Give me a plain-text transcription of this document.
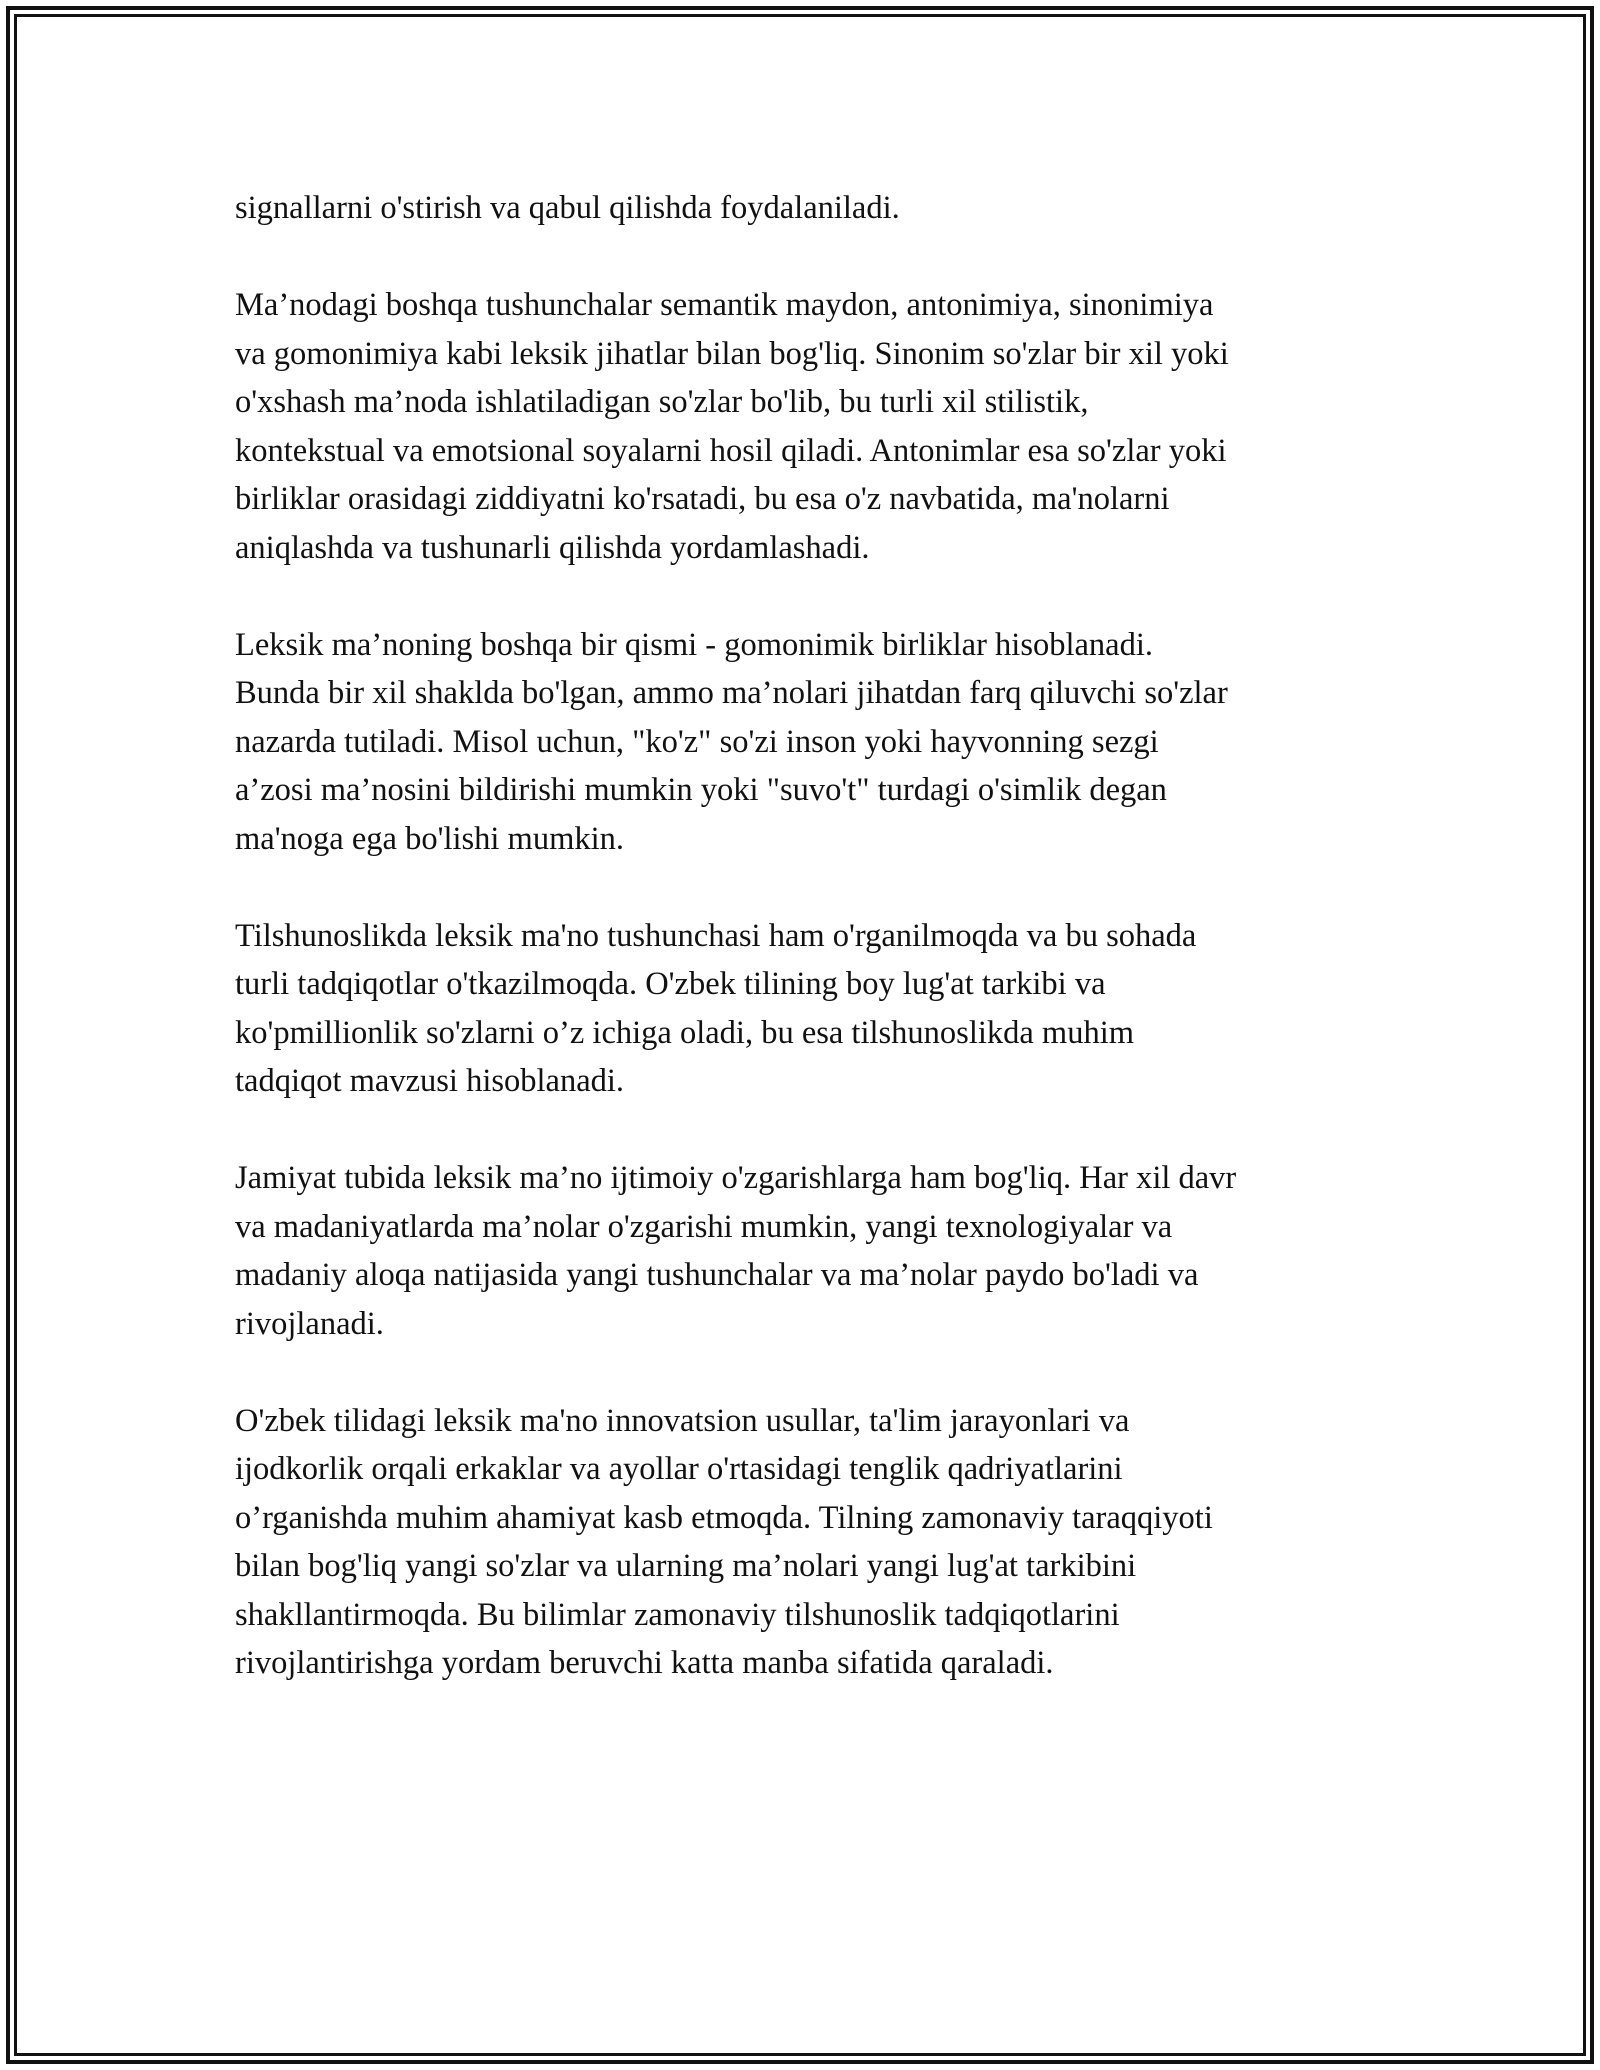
signallarni o'stirish va qabul qilishda foydalaniladi.

Ma’nodagi boshqa tushunchalar semantik maydon, antonimiya, sinonimiya
va gomonimiya kabi leksik jihatlar bilan bog'liq. Sinonim so'zlar bir xil yoki
o'xshash ma’noda ishlatiladigan so'zlar bo'lib, bu turli xil stilistik,
kontekstual va emotsional soyalarni hosil qiladi. Antonimlar esa so'zlar yoki
birliklar orasidagi ziddiyatni ko'rsatadi, bu esa o'z navbatida, ma'nolarni
aniqlashda va tushunarli qilishda yordamlashadi.

Leksik ma’noning boshqa bir qismi - gomonimik birliklar hisoblanadi.
Bunda bir xil shaklda bo'lgan, ammo ma’nolari jihatdan farq qiluvchi so'zlar
nazarda tutiladi. Misol uchun, "ko'z" so'zi inson yoki hayvonning sezgi
a’zosi ma’nosini bildirishi mumkin yoki "suvo't" turdagi o'simlik degan
ma'noga ega bo'lishi mumkin.

Tilshunoslikda leksik ma'no tushunchasi ham o'rganilmoqda va bu sohada
turli tadqiqotlar o'tkazilmoqda. O'zbek tilining boy lug'at tarkibi va
ko'pmillionlik so'zlarni o’z ichiga oladi, bu esa tilshunoslikda muhim
tadqiqot mavzusi hisoblanadi.

Jamiyat tubida leksik ma’no ijtimoiy o'zgarishlarga ham bog'liq. Har xil davr
va madaniyatlarda ma’nolar o'zgarishi mumkin, yangi texnologiyalar va
madaniy aloqa natijasida yangi tushunchalar va ma’nolar paydo bo'ladi va
rivojlanadi.

O'zbek tilidagi leksik ma'no innovatsion usullar, ta'lim jarayonlari va
ijodkorlik orqali erkaklar va ayollar o'rtasidagi tenglik qadriyatlarini
o’rganishda muhim ahamiyat kasb etmoqda. Tilning zamonaviy taraqqiyoti
bilan bog'liq yangi so'zlar va ularning ma’nolari yangi lug'at tarkibini
shakllantirmoqda. Bu bilimlar zamonaviy tilshunoslik tadqiqotlarini
rivojlantirishga yordam beruvchi katta manba sifatida qaraladi.
